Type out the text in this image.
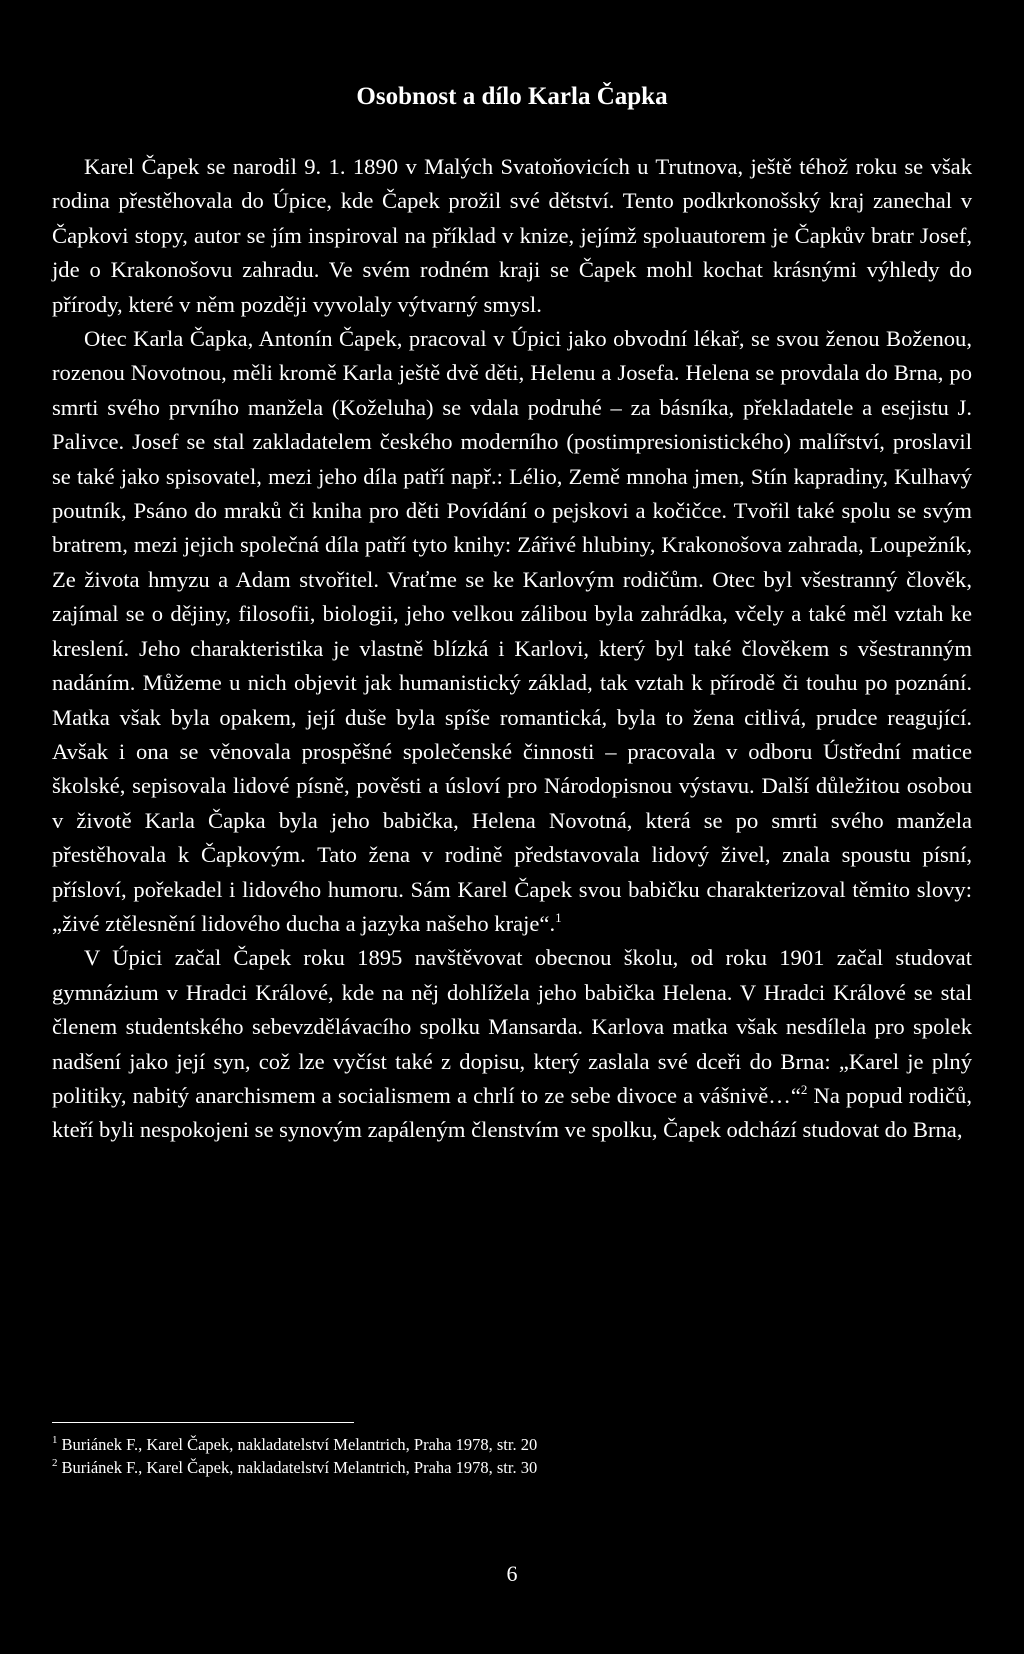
Osobnost a dílo Karla Čapka

Karel Čapek se narodil 9. 1. 1890 v Malých Svatoňovicích u Trutnova, ještě téhož roku se však rodina přestěhovala do Úpice, kde Čapek prožil své dětství. Tento podkrkonošský kraj zanechal v Čapkovi stopy, autor se jím inspiroval na příklad v knize, jejímž spoluautorem je Čapkův bratr Josef, jde o Krakonošovu zahradu. Ve svém rodném kraji se Čapek mohl kochat krásnými výhledy do přírody, které v něm později vyvolaly výtvarný smysl.

Otec Karla Čapka, Antonín Čapek, pracoval v Úpici jako obvodní lékař, se svou ženou Boženou, rozenou Novotnou, měli kromě Karla ještě dvě děti, Helenu a Josefa. Helena se provdala do Brna, po smrti svého prvního manžela (Koželuha) se vdala podruhé – za básníka, překladatele a esejistu J. Palivce. Josef se stal zakladatelem českého moderního (postimpresionistického) malířství, proslavil se také jako spisovatel, mezi jeho díla patří např.: Lélio, Země mnoha jmen, Stín kapradiny, Kulhavý poutník, Psáno do mraků či kniha pro děti Povídání o pejskovi a kočičce. Tvořil také spolu se svým bratrem, mezi jejich společná díla patří tyto knihy: Zářivé hlubiny, Krakonošova zahrada, Loupežník, Ze života hmyzu a Adam stvořitel. Vraťme se ke Karlovým rodičům. Otec byl všestranný člověk, zajímal se o dějiny, filosofii, biologii, jeho velkou zálibou byla zahrádka, včely a také měl vztah ke kreslení. Jeho charakteristika je vlastně blízká i Karlovi, který byl také člověkem s všestranným nadáním. Můžeme u nich objevit jak humanistický základ, tak vztah k přírodě či touhu po poznání. Matka však byla opakem, její duše byla spíše romantická, byla to žena citlivá, prudce reagující. Avšak i ona se věnovala prospěšné společenské činnosti – pracovala v odboru Ústřední matice školské, sepisovala lidové písně, pověsti a úsloví pro Národopisnou výstavu. Další důležitou osobou v životě Karla Čapka byla jeho babička, Helena Novotná, která se po smrti svého manžela přestěhovala k Čapkovým. Tato žena v rodině představovala lidový živel, znala spoustu písní, přísloví, pořekadel i lidového humoru. Sám Karel Čapek svou babičku charakterizoval těmito slovy: „živé ztělesnění lidového ducha a jazyka našeho kraje“.$^1$

V Úpici začal Čapek roku 1895 navštěvovat obecnou školu, od roku 1901 začal studovat gymnázium v Hradci Králové, kde na něj dohlížela jeho babička Helena. V Hradci Králové se stal členem studentského sebevzdělávacího spolku Mansarda. Karlova matka však nesdílela pro spolek nadšení jako její syn, což lze vyčíst také z dopisu, který zaslala své dceři do Brna: „Karel je plný politiky, nabitý anarchismem a socialismem a chrlí to ze sebe divoce a vášnivě…“$^2$ Na popud rodičů, kteří byli nespokojeni se synovým zapáleným členstvím ve spolku, Čapek odchází studovat do Brna,

$^1$ Buriánek F., Karel Čapek, nakladatelství Melantrich, Praha 1978, str. 20

$^2$ Buriánek F., Karel Čapek, nakladatelství Melantrich, Praha 1978, str. 30

6
